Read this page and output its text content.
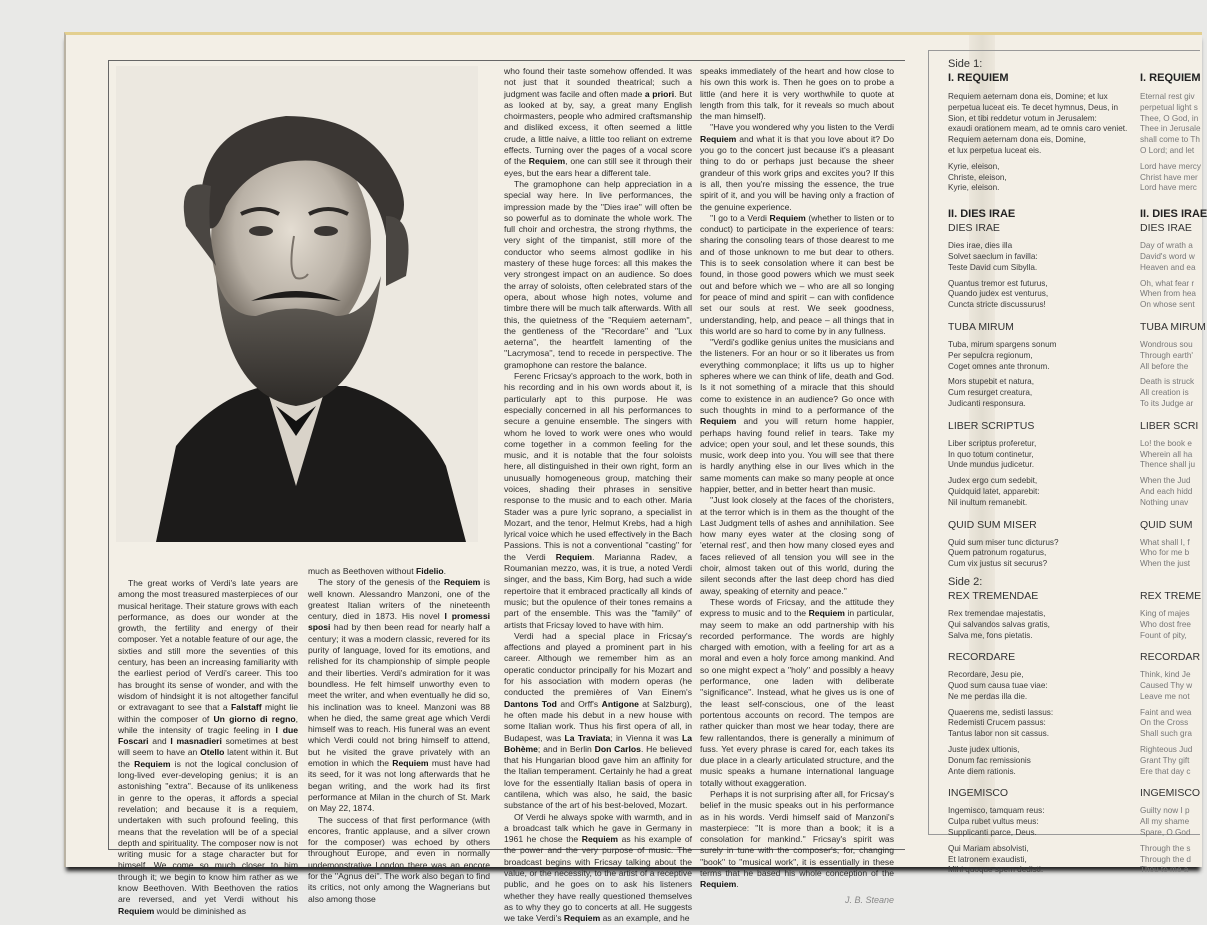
The great works of Verdi's late years are among the most treasured masterpieces of our musical heritage. Their stature grows with each performance, as does our wonder at the growth, the fertility and energy of their composer. Yet a notable feature of our age, the sixties and still more the seventies of this century, has been an increasing familiarity with the earliest period of Verdi's career. This too has brought its sense of wonder, and with the wisdom of hindsight it is not altogether fanciful or extravagant to see that a Falstaff might lie within the composer of Un giorno di regno, while the intensity of tragic feeling in I due Foscari and I masnadieri sometimes at best will seem to have an Otello latent within it. But the Requiem is not the logical conclusion of long-lived ever-developing genius; it is an astonishing ''extra''. Because of its unlikeness in genre to the operas, it affords a special revelation; and because it is a requiem, undertaken with such profound feeling, this means that the revelation will be of a special depth and spirituality. The composer now is not writing music for a stage character but for himself. We come so much closer to him through it; we begin to know him rather as we know Beethoven. With Beethoven the ratios are reversed, and yet Verdi without his Requiem would be diminished as

much as Beethoven without Fidelio.

The story of the genesis of the Requiem is well known. Alessandro Manzoni, one of the greatest Italian writers of the nineteenth century, died in 1873. His novel I promessi sposi had by then been read for nearly half a century; it was a modern classic, revered for its purity of language, loved for its emotions, and relished for its championship of simple people and their liberties. Verdi's admiration for it was boundless. He felt himself unworthy even to meet the writer, and when eventually he did so, his inclination was to kneel. Manzoni was 88 when he died, the same great age which Verdi himself was to reach. His funeral was an event which Verdi could not bring himself to attend, but he visited the grave privately with an emotion in which the Requiem must have had its seed, for it was not long afterwards that he began writing, and the work had its first performance at Milan in the church of St. Mark on May 22, 1874.

The success of that first performance (with encores, frantic applause, and a silver crown for the composer) was echoed by others throughout Europe, and even in normally undemonstrative London there was an encore for the ''Agnus dei''. The work also began to find its critics, not only among the Wagnerians but also among those

who found their taste somehow offended. It was not just that it sounded theatrical; such a judgment was facile and often made a priori. But as looked at by, say, a great many English choirmasters, people who admired craftsmanship and disliked excess, it often seemed a little crude, a little naive, a little too reliant on extreme effects. Turning over the pages of a vocal score of the Requiem, one can still see it through their eyes, but the ears hear a different tale.

The gramophone can help appreciation in a special way here. In live performances, the impression made by the ''Dies irae'' will often be so powerful as to dominate the whole work. The full choir and orchestra, the strong rhythms, the very sight of the timpanist, still more of the conductor who seems almost godlike in his mastery of these huge forces: all this makes the very strongest impact on an audience. So does the array of soloists, often celebrated stars of the opera, about whose high notes, volume and timbre there will be much talk afterwards. With all this, the quietness of the ''Requiem aeternam'', the gentleness of the ''Recordare'' and ''Lux aeterna'', the heartfelt lamenting of the ''Lacrymosa'', tend to recede in perspective. The gramophone can restore the balance.

Ferenc Fricsay's approach to the work, both in his recording and in his own words about it, is particularly apt to this purpose. He was especially concerned in all his performances to secure a genuine ensemble. The singers with whom he loved to work were ones who would come together in a common feeling for the music, and it is notable that the four soloists here, all distinguished in their own right, form an unusually homogeneous group, matching their voices, shading their phrases in sensitive response to the music and to each other. Maria Stader was a pure lyric soprano, a specialist in Mozart, and the tenor, Helmut Krebs, had a high lyrical voice which he used effectively in the Bach Passions. This is not a conventional ''casting'' for the Verdi Requiem. Marianna Radev, a Roumanian mezzo, was, it is true, a noted Verdi singer, and the bass, Kim Borg, had such a wide repertoire that it embraced practically all kinds of music; but the opulence of their tones remains a part of the ensemble. This was the ''family'' of artists that Fricsay loved to have with him.

Verdi had a special place in Fricsay's affections and played a prominent part in his career. Although we remember him as an operatic conductor principally for his Mozart and for his association with modern operas (he conducted the premières of Van Einem's Dantons Tod and Orff's Antigone at Salzburg), he often made his debut in a new house with some Italian work. Thus his first opera of all, in Budapest, was La Traviata; in Vienna it was La Bohème; and in Berlin Don Carlos. He believed that his Hungarian blood gave him an affinity for the Italian temperament. Certainly he had a great love for the essentially Italian basis of opera in cantilena, which was also, he said, the basic substance of the art of his best-beloved, Mozart.

Of Verdi he always spoke with warmth, and in a broadcast talk which he gave in Germany in 1961 he chose the Requiem as his example of the power and the very purpose of music. The broadcast begins with Fricsay talking about the value, or the necessity, to the artist of a receptive public, and he goes on to ask his listeners whether they have really questioned themselves as to why they go to concerts at all. He suggests we take Verdi's Requiem as an example, and he

speaks immediately of the heart and how close to his own this work is. Then he goes on to probe a little (and here it is very worthwhile to quote at length from this talk, for it reveals so much about the man himself).

''Have you wondered why you listen to the Verdi Requiem and what it is that you love about it? Do you go to the concert just because it's a pleasant thing to do or perhaps just because the sheer grandeur of this work grips and excites you? If this is all, then you're missing the essence, the true spirit of it, and you will be having only a fraction of the genuine experience.

''I go to a Verdi Requiem (whether to listen or to conduct) to participate in the experience of tears: sharing the consoling tears of those dearest to me and of those unknown to me but dear to others. This is to seek consolation where it can best be found, in those good powers which we must seek out and before which we – who are all so longing for peace of mind and spirit – can with confidence set our souls at rest. We seek goodness, understanding, help, and peace – all things that in this world are so hard to come by in any fullness.

''Verdi's godlike genius unites the musicians and the listeners. For an hour or so it liberates us from everything commonplace; it lifts us up to higher spheres where we can think of life, death and God. Is it not something of a miracle that this should come to existence in an audience? Go once with such thoughts in mind to a performance of the Requiem and you will return home happier, perhaps having found relief in tears. Take my advice; open your soul, and let these sounds, this music, work deep into you. You will see that there is hardly anything else in our lives which in the same moments can make so many people at once happier, better, and in better heart than music.

''Just look closely at the faces of the choristers, at the terror which is in them as the thought of the Last Judgment tells of ashes and annihilation. See how many eyes water at the closing song of 'eternal rest', and then how many closed eyes and faces relieved of all tension you will see in the choir, almost taken out of this world, during the silent seconds after the last deep chord has died away, speaking of eternity and peace.''

These words of Fricsay, and the attitude they express to music and to the Requiem in particular, may seem to make an odd partnership with his recorded performance. The words are highly charged with emotion, with a feeling for art as a moral and even a holy force among mankind. And so one might expect a ''holy'' and possibly a heavy performance, one laden with deliberate ''significance''. Instead, what he gives us is one of the least self-conscious, one of the least portentous accounts on record. The tempos are rather quicker than most we hear today, there are few rallentandos, there is generally a minimum of fuss. Yet every phrase is cared for, each takes its due place in a clearly articulated structure, and the music speaks a humane international language totally without exaggeration.

Perhaps it is not surprising after all, for Fricsay's belief in the music speaks out in his performance as in his words. Verdi himself said of Manzoni's masterpiece: ''It is more than a book; it is a consolation for mankind.'' Fricsay's spirit was surely in tune with the composer's, for, changing ''book'' to ''musical work'', it is essentially in these terms that he based his whole conception of the Requiem.

J. B. Steane
Side 1:
I. REQUIEM
Requiem aeternam dona eis, Domine; et lux
perpetua luceat eis. Te decet hymnus, Deus, in
Sion, et tibi reddetur votum in Jerusalem:
exaudi orationem meam, ad te omnis caro veniet.
Requiem aeternam dona eis, Domine,
et lux perpetua luceat eis.
Kyrie, eleison,
Christe, eleison,
Kyrie, eleison.
II. DIES IRAE
DIES IRAE
Dies irae, dies illa
Solvet saeclum in favilla:
Teste David cum Sibylla.
Quantus tremor est futurus,
Quando judex est venturus,
Cuncta stricte discussurus!
TUBA MIRUM
Tuba, mirum spargens sonum
Per sepulcra regionum,
Coget omnes ante thronum.
Mors stupebit et natura,
Cum resurget creatura,
Judicanti responsura.
LIBER SCRIPTUS
Liber scriptus proferetur,
In quo totum continetur,
Unde mundus judicetur.
Judex ergo cum sedebit,
Quidquid latet, apparebit:
Nil inultum remanebit.
QUID SUM MISER
Quid sum miser tunc dicturus?
Quem patronum rogaturus,
Cum vix justus sit securus?
Side 2:
REX TREMENDAE
Rex tremendae majestatis,
Qui salvandos salvas gratis,
Salva me, fons pietatis.
RECORDARE
Recordare, Jesu pie,
Quod sum causa tuae viae:
Ne me perdas illa die.
Quaerens me, sedisti lassus:
Redemisti Crucem passus:
Tantus labor non sit cassus.
Juste judex ultionis,
Donum fac remissionis
Ante diem rationis.
INGEMISCO
Ingemisco, tamquam reus:
Culpa rubet vultus meus:
Supplicanti parce, Deus.
Qui Mariam absolvisti,
Et latronem exaudisti,
Mihi quoque spem dedisti.
I. REQUIEM
Eternal rest giv
perpetual light s
Thee, O God, in
Thee in Jerusale
shall come to Th
O Lord; and let
Lord have mercy
Christ have mer
Lord have merc
II. DIES IRAE
DIES IRAE
Day of wrath a
David's word w
Heaven and ea
Oh, what fear r
When from hea
On whose sent
TUBA MIRUM
Wondrous sou
Through earth'
All before the
Death is struck
All creation is
To its Judge ar
LIBER SCRI
Lo! the book e
Wherein all ha
Thence shall ju
When the Jud
And each hidd
Nothing unav
QUID SUM
What shall I, f
Who for me b
When the just
REX TREME
King of majes
Who dost free
Fount of pity,
RECORDAR
Think, kind Je
Caused Thy w
Leave me not
Faint and wea
On the Cross
Shall such gra
Righteous Jud
Grant Thy gift
Ere that day c
INGEMISCO
Guilty now I p
All my shame
Spare, O God
Through the s
Through the d
Thou to me a
